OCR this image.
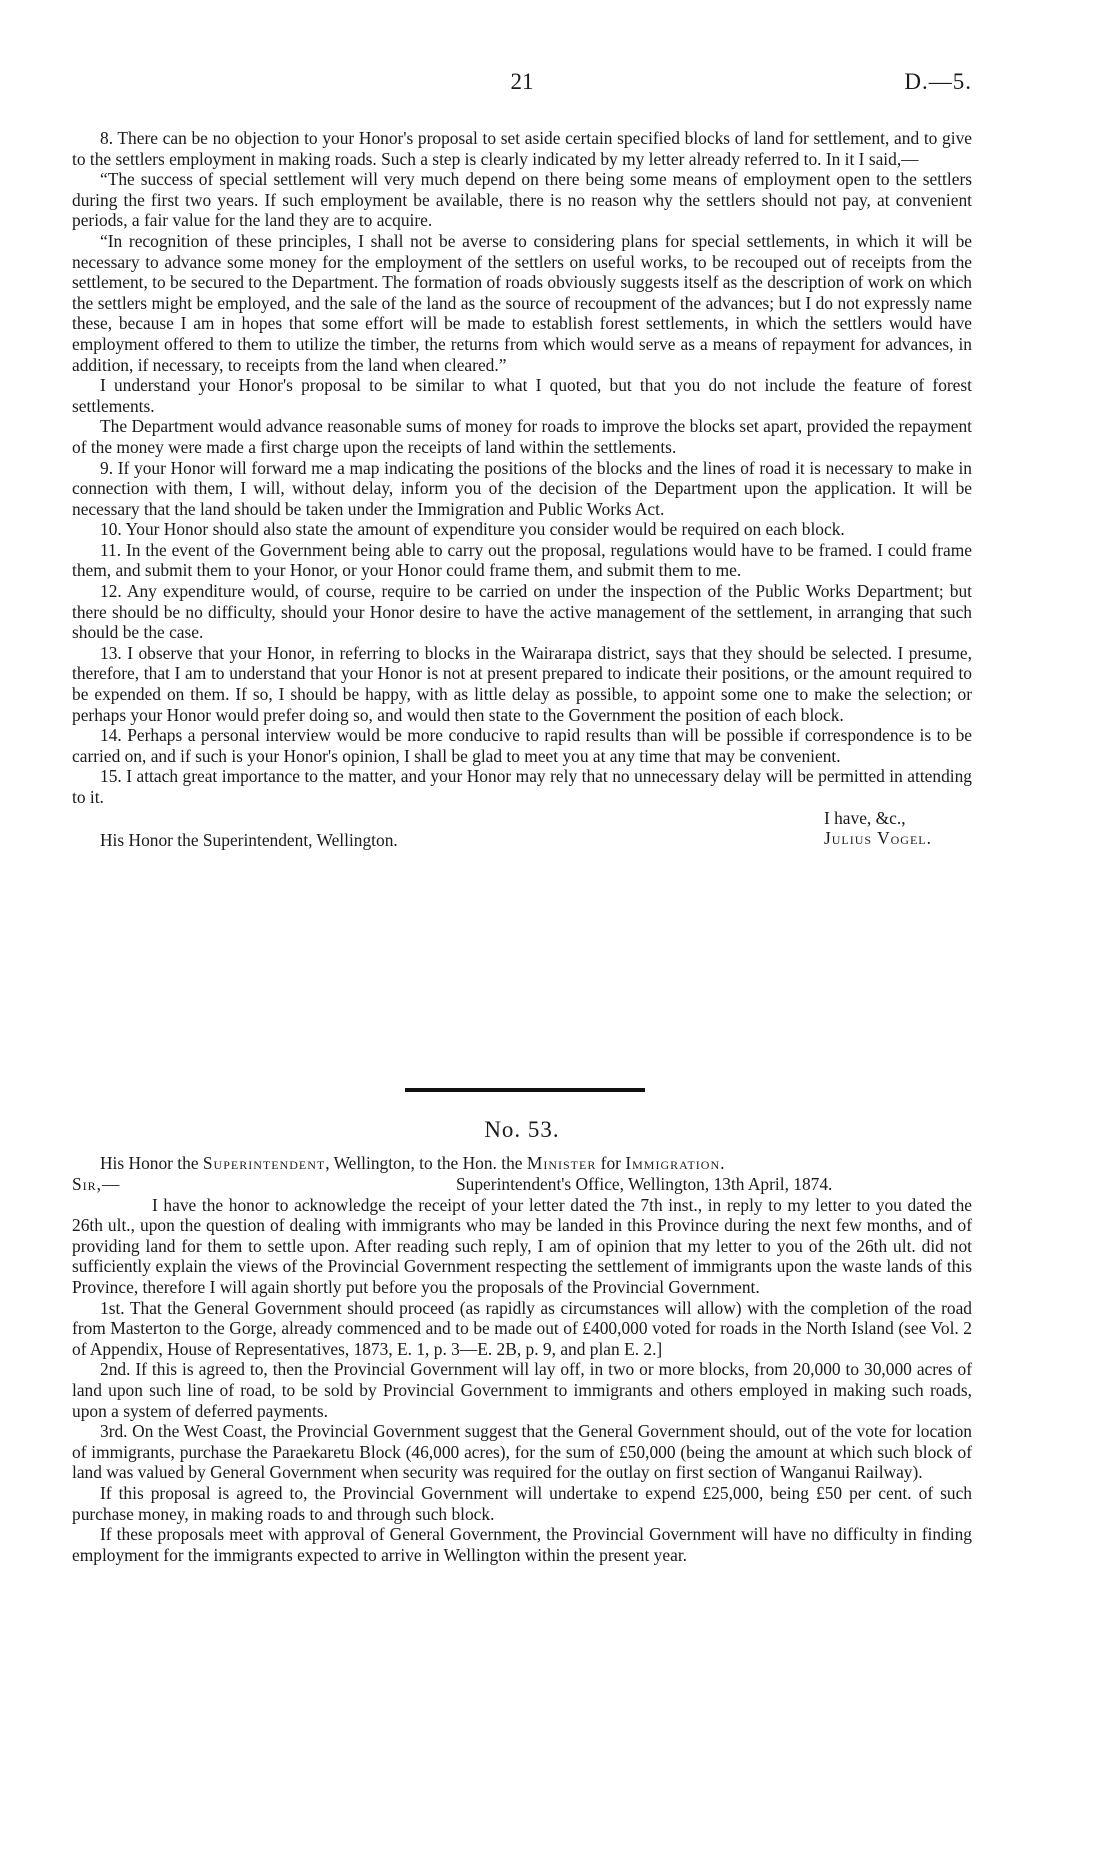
21	D.—5.

8. There can be no objection to your Honor's proposal to set aside certain specified blocks of land for settlement, and to give to the settlers employment in making roads. Such a step is clearly indicated by my letter already referred to. In it I said,—

“The success of special settlement will very much depend on there being some means of employment open to the settlers during the first two years. If such employment be available, there is no reason why the settlers should not pay, at convenient periods, a fair value for the land they are to acquire.

“In recognition of these principles, I shall not be averse to considering plans for special settlements, in which it will be necessary to advance some money for the employment of the settlers on useful works, to be recouped out of receipts from the settlement, to be secured to the Department. The formation of roads obviously suggests itself as the description of work on which the settlers might be employed, and the sale of the land as the source of recoupment of the advances; but I do not expressly name these, because I am in hopes that some effort will be made to establish forest settlements, in which the settlers would have employment offered to them to utilize the timber, the returns from which would serve as a means of repayment for advances, in addition, if necessary, to receipts from the land when cleared.”

I understand your Honor's proposal to be similar to what I quoted, but that you do not include the feature of forest settlements.

The Department would advance reasonable sums of money for roads to improve the blocks set apart, provided the repayment of the money were made a first charge upon the receipts of land within the settlements.

9. If your Honor will forward me a map indicating the positions of the blocks and the lines of road it is necessary to make in connection with them, I will, without delay, inform you of the decision of the Department upon the application. It will be necessary that the land should be taken under the Immigration and Public Works Act.

10. Your Honor should also state the amount of expenditure you consider would be required on each block.

11. In the event of the Government being able to carry out the proposal, regulations would have to be framed. I could frame them, and submit them to your Honor, or your Honor could frame them, and submit them to me.

12. Any expenditure would, of course, require to be carried on under the inspection of the Public Works Department; but there should be no difficulty, should your Honor desire to have the active management of the settlement, in arranging that such should be the case.

13. I observe that your Honor, in referring to blocks in the Wairarapa district, says that they should be selected. I presume, therefore, that I am to understand that your Honor is not at present prepared to indicate their positions, or the amount required to be expended on them. If so, I should be happy, with as little delay as possible, to appoint some one to make the selection; or perhaps your Honor would prefer doing so, and would then state to the Government the position of each block.

14. Perhaps a personal interview would be more conducive to rapid results than will be possible if correspondence is to be carried on, and if such is your Honor's opinion, I shall be glad to meet you at any time that may be convenient.

15. I attach great importance to the matter, and your Honor may rely that no unnecessary delay will be permitted in attending to it.

I have, &c.,
Julius Vogel.
His Honor the Superintendent, Wellington.
No. 53.

His Honor the Superintendent, Wellington, to the Hon. the Minister for Immigration.

Sir,—	Superintendent's Office, Wellington, 13th April, 1874.

I have the honor to acknowledge the receipt of your letter dated the 7th inst., in reply to my letter to you dated the 26th ult., upon the question of dealing with immigrants who may be landed in this Province during the next few months, and of providing land for them to settle upon. After reading such reply, I am of opinion that my letter to you of the 26th ult. did not sufficiently explain the views of the Provincial Government respecting the settlement of immigrants upon the waste lands of this Province, therefore I will again shortly put before you the proposals of the Provincial Government.

1st. That the General Government should proceed (as rapidly as circumstances will allow) with the completion of the road from Masterton to the Gorge, already commenced and to be made out of £400,000 voted for roads in the North Island (see Vol. 2 of Appendix, House of Representatives, 1873, E. 1, p. 3—E. 2B, p. 9, and plan E. 2.]

2nd. If this is agreed to, then the Provincial Government will lay off, in two or more blocks, from 20,000 to 30,000 acres of land upon such line of road, to be sold by Provincial Government to immigrants and others employed in making such roads, upon a system of deferred payments.

3rd. On the West Coast, the Provincial Government suggest that the General Government should, out of the vote for location of immigrants, purchase the Paraekaretu Block (46,000 acres), for the sum of £50,000 (being the amount at which such block of land was valued by General Government when security was required for the outlay on first section of Wanganui Railway).

If this proposal is agreed to, the Provincial Government will undertake to expend £25,000, being £50 per cent. of such purchase money, in making roads to and through such block.

If these proposals meet with approval of General Government, the Provincial Government will have no difficulty in finding employment for the immigrants expected to arrive in Wellington within the present year.
